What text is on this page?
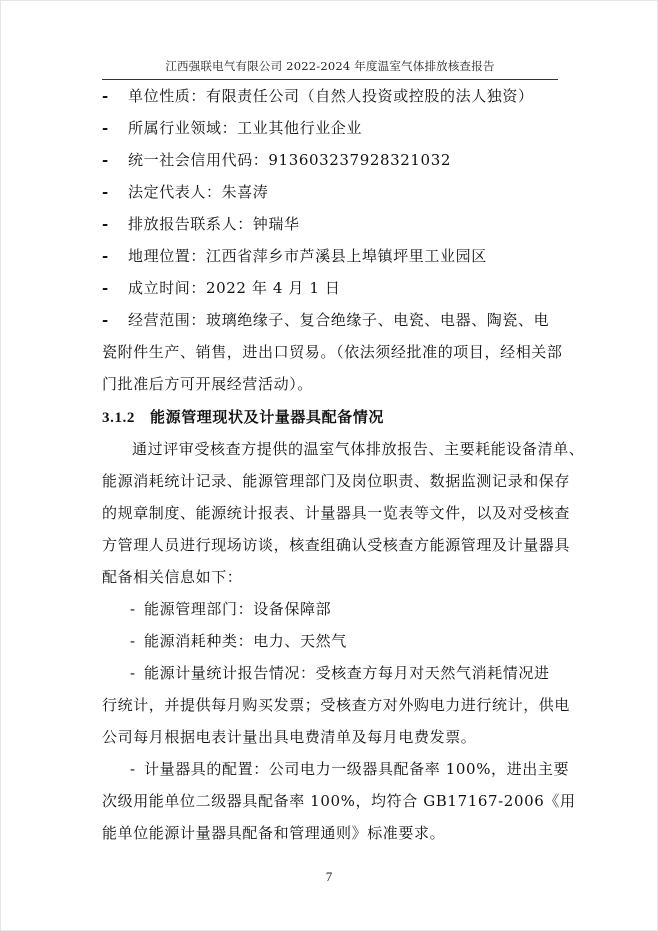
江西强联电气有限公司 2022-2024 年度温室气体排放核查报告
- 单位性质：有限责任公司（自然人投资或控股的法人独资）
- 所属行业领域：工业其他行业企业
- 统一社会信用代码：91360323792832103​2
- 法定代表人：朱喜涛
- 排放报告联系人：钟瑞华
- 地理位置：江西省萍乡市芦溪县上埠镇坪里工业园区
- 成立时间：2022 年 4 月 1 日
- 经营范围：玻璃绝缘子、复合绝缘子、电瓷、电器、陶瓷、电
瓷附件生产、销售，进出口贸易。（依法须经批准的项目，经相关部
门批准后方可开展经营活动）。
3.1.2 能源管理现状及计量器具配备情况
通过评审受核查方提供的温室气体排放报告、主要耗能设备清单、
能源消耗统计记录、能源管理部门及岗位职责、数据监测记录和保存
的规章制度、能源统计报表、计量器具一览表等文件，以及对受核查
方管理人员进行现场访谈，核查组确认受核查方能源管理及计量器具
配备相关信息如下：
- 能源管理部门：设备保障部
- 能源消耗种类：电力、天然气
- 能源计量统计报告情况：受核查方每月对天然气消耗情况进
行统计，并提供每月购买发票；受核查方对外购电力进行统计，供电
公司每月根据电表计量出具电费清单及每月电费发票。
- 计量器具的配置：公司电力一级器具配备率 100%，进出主要
次级用能单位二级器具配备率 100%，均符合 GB17167-2006《用
能单位能源计量器具配备和管理通则》标准要求。
7
